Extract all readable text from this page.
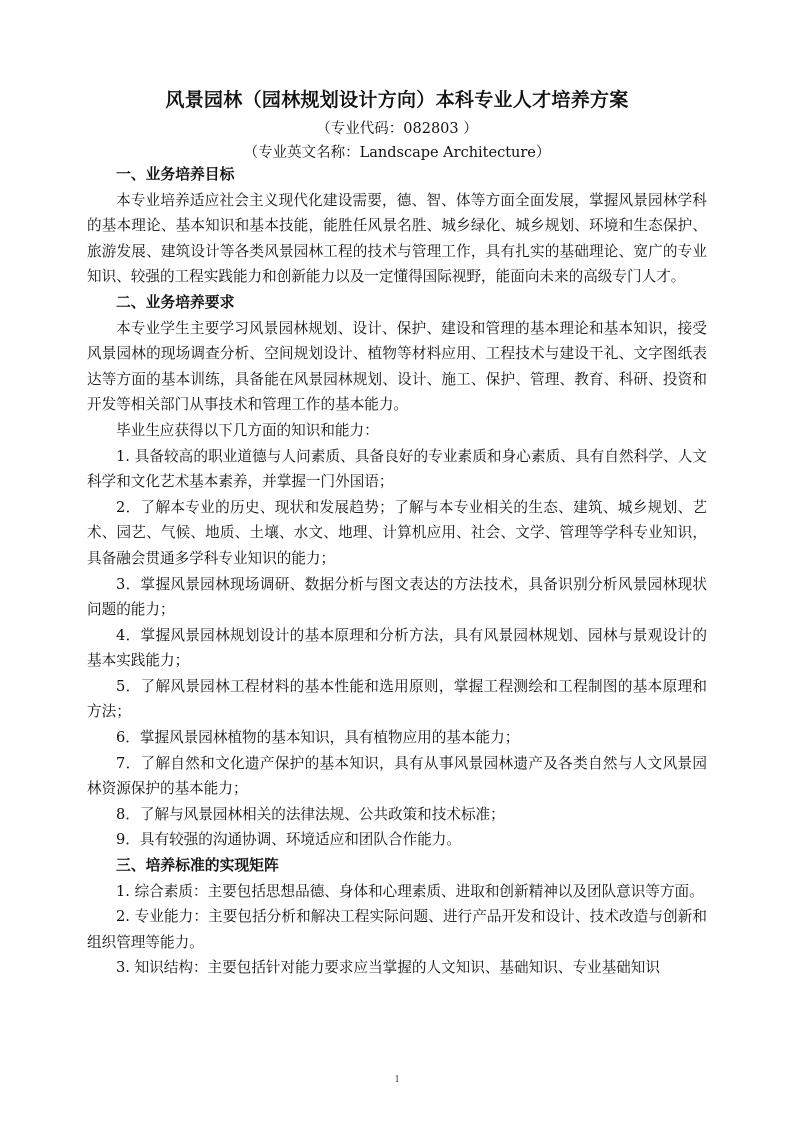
风景园林（园林规划设计方向）本科专业人才培养方案
（专业代码：082803 ）
（专业英文名称：Landscape Architecture）
一、业务培养目标

本专业培养适应社会主义现代化建设需要，德、智、体等方面全面发展，掌握风景园林学科的基本理论、基本知识和基本技能，能胜任风景名胜、城乡绿化、城乡规划、环境和生态保护、旅游发展、建筑设计等各类风景园林工程的技术与管理工作，具有扎实的基础理论、宽广的专业知识、较强的工程实践能力和创新能力以及一定懂得国际视野，能面向未来的高级专门人才。

二、业务培养要求

本专业学生主要学习风景园林规划、设计、保护、建设和管理的基本理论和基本知识，接受风景园林的现场调查分析、空间规划设计、植物等材料应用、工程技术与建设干礼、文字图纸表达等方面的基本训练，具备能在风景园林规划、设计、施工、保护、管理、教育、科研、投资和开发等相关部门从事技术和管理工作的基本能力。

毕业生应获得以下几方面的知识和能力：

1. 具备较高的职业道德与人问素质、具备良好的专业素质和身心素质、具有自然科学、人文科学和文化艺术基本素养，并掌握一门外国语；

2．了解本专业的历史、现状和发展趋势；了解与本专业相关的生态、建筑、城乡规划、艺术、园艺、气候、地质、土壤、水文、地理、计算机应用、社会、文学、管理等学科专业知识，具备融会贯通多学科专业知识的能力；

3．掌握风景园林现场调研、数据分析与图文表达的方法技术，具备识别分析风景园林现状问题的能力；

4．掌握风景园林规划设计的基本原理和分析方法，具有风景园林规划、园林与景观设计的基本实践能力；

5．了解风景园林工程材料的基本性能和选用原则，掌握工程测绘和工程制图的基本原理和方法；

6．掌握风景园林植物的基本知识，具有植物应用的基本能力；

7．了解自然和文化遗产保护的基本知识，具有从事风景园林遗产及各类自然与人文风景园林资源保护的基本能力；

8．了解与风景园林相关的法律法规、公共政策和技术标准；

9．具有较强的沟通协调、环境适应和团队合作能力。

三、培养标准的实现矩阵

1. 综合素质：主要包括思想品德、身体和心理素质、进取和创新精神以及团队意识等方面。

2. 专业能力：主要包括分析和解决工程实际问题、进行产品开发和设计、技术改造与创新和组织管理等能力。

3. 知识结构：主要包括针对能力要求应当掌握的人文知识、基础知识、专业基础知识

1
